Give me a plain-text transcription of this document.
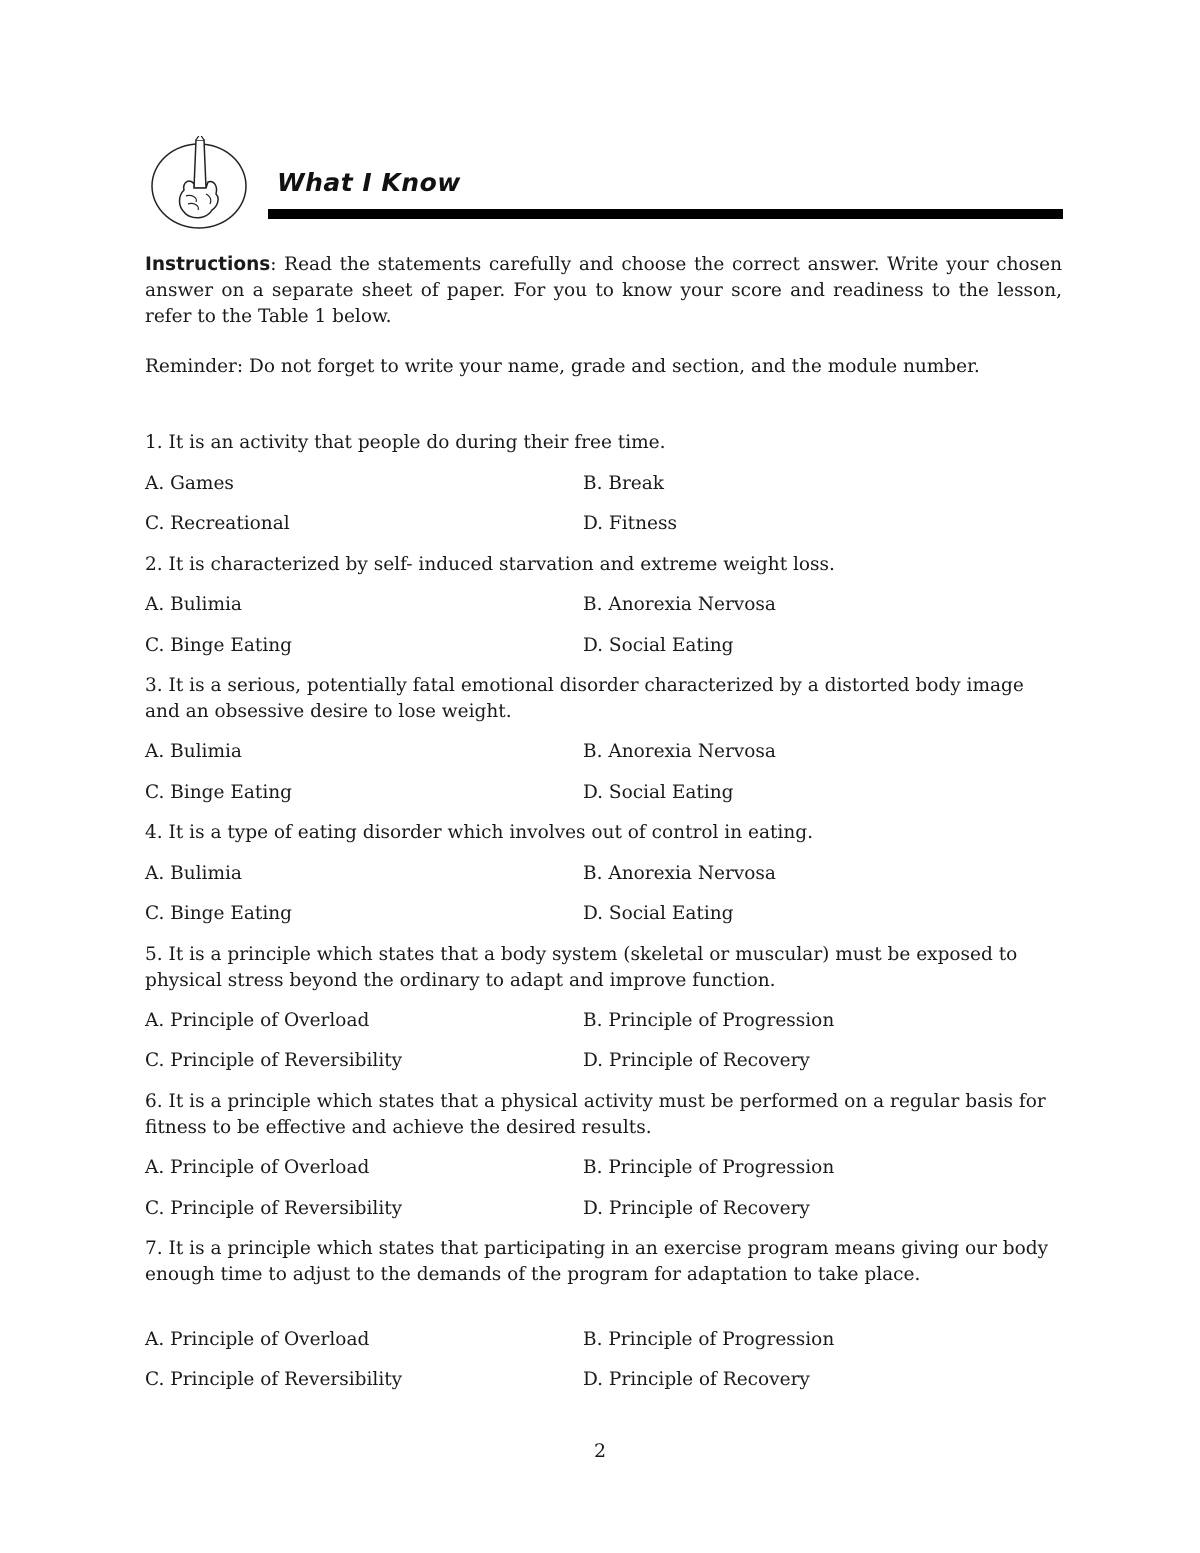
What I Know
Instructions: Read the statements carefully and choose the correct answer. Write your chosen answer on a separate sheet of paper. For you to know your score and readiness to the lesson, refer to the Table 1 below.
Reminder: Do not forget to write your name, grade and section, and the module number.
1. It is an activity that people do during their free time.
A. Games	B. Break
C. Recreational	D. Fitness
2. It is characterized by self- induced starvation and extreme weight loss.
A. Bulimia	B. Anorexia Nervosa
C. Binge Eating	D. Social Eating
3. It is a serious, potentially fatal emotional disorder characterized by a distorted body image and an obsessive desire to lose weight.
A. Bulimia	B. Anorexia Nervosa
C. Binge Eating	D. Social Eating
4. It is a type of eating disorder which involves out of control in eating.
A. Bulimia	B. Anorexia Nervosa
C. Binge Eating	D. Social Eating
5. It is a principle which states that a body system (skeletal or muscular) must be exposed to physical stress beyond the ordinary to adapt and improve function.
A. Principle of Overload	B. Principle of Progression
C. Principle of Reversibility	D. Principle of Recovery
6. It is a principle which states that a physical activity must be performed on a regular basis for fitness to be effective and achieve the desired results.
A. Principle of Overload	B. Principle of Progression
C. Principle of Reversibility	D. Principle of Recovery
7. It is a principle which states that participating in an exercise program means giving our body enough time to adjust to the demands of the program for adaptation to take place.
A. Principle of Overload	B. Principle of Progression
C. Principle of Reversibility	D. Principle of Recovery
2
